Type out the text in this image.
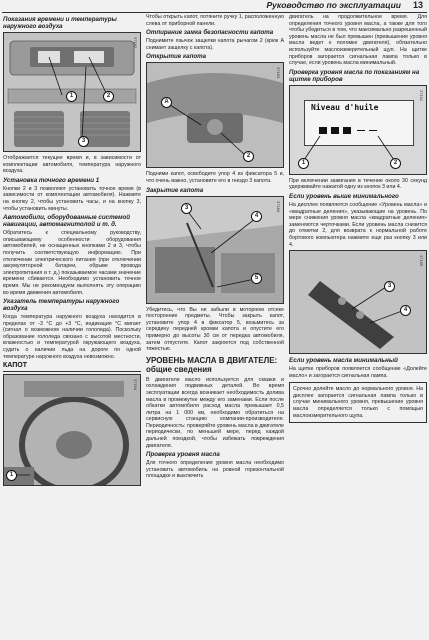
Руководство по эксплуатации 13
Показания времени и температуры наружного воздуха
1	2
3
37182
Отображается текущее время и, в зависимости от комплектации автомобиля, температура наружного воздуха.
Установка точного времени 1
Кнопки 2 и 3 позволяют установить точное время (в зависимости от комплектации автомобиля). Нажмите на кнопку 2, чтобы установить часы, и на кнопку 3, чтобы установить минуты.
Автомобили, оборудованные системой навигации, автомагнитолой и т. д.
Обратитесь к специальному руководству, описывающему особенности оборудования автомобилей, не оснащенных кнопками 2 и 3, чтобы получить соответствующую информацию. При отключении электрического питания (при отключении аккумуляторной батареи, обрыве провода электропитания и т. д.) показываемое часами значение времени сбивается. Необходимо установить точное время. Мы не рекомендуем выполнять эту операцию во время движения автомобиля.
Указатель температуры наружного воздуха
Когда температура наружного воздуха находится в пределах от -3 °C до +3 °C, индикация °C мигает (сигнал о возможном наличии гололеда). Поскольку образование гололеда связано с высотой местности, влажностью и температурой окружающего воздуха, судить о наличии льда на дороге по одной температуре наружного воздуха невозможно.
КАПОТ
1
37194
Чтобы открыть капот, потяните ручку 1, расположенную слева от приборной панели.
Отпирание замка безопасности капота
Поднимите язычок защелки капота рычагом 2 (крюк A снимает защелку с капота).
Открытие капота
A
2
37183
Подними капот, освободите упор 4 из фиксатора 5 и, что очень важно, установите его в гнездо 3 капота.
Закрытие капота
3
4
5
37184
Убедитесь, что Вы не забыли в моторном отсеке посторонние предметы. Чтобы закрыть капот, установите упор 4 в фиксатор 5, возьмитесь за середину передней кромки капота и опустите его примерно до высоты 30 см от передка автомобиля, затем отпустите. Капот закроется под собственной тяжестью.
УРОВЕНЬ МАСЛА В ДВИГАТЕЛЕ: общие сведения
В двигателе масло используется для смазки и охлаждения подвижных деталей. Во время эксплуатации всегда возникает необходимость долива масла в промежутке между его заменами. Если после обкатки автомобиля расход масла превышает 0,5 литра на 1 000 км, необходимо обратиться на сервисную станцию компании-производителя. Периодичность: проверяйте уровень масла в двигателе периодически, по меньшей мере, перед каждой дальней поездкой, чтобы избежать повреждения двигателя.
Проверка уровня масла
Для точного определения уровня масла необходимо установить автомобиль на ровной горизонтальной площадке и выключить
двигатель на продолжительное время. Для определения точного уровня масла, а также для того чтобы убедиться в том, что максимально разрешенный уровень масла не был превышен (превышение уровня масла ведет к поломке двигателя), обязательно используйте маслоизмерительный щуп. На щитке приборов загорается сигнальная лампа только в случае, если уровень масла минимальный.
Проверка уровня масла по показаниям на щитке приборов
Niveau d'huile
1	2
37191
При включении зажигания в течение около 30 секунд удерживайте нажатой одну из кнопок 3 или 4.
Если уровень выше минимального
На дисплее появляется сообщение «Уровень масла» и «квадратные деления», указывающие на уровень. По мере снижения уровня масла «квадратные деления» заменяются черточками. Если уровень масла снизится до отметки 2, для возврата к нормальной работе бортового компьютера нажмите еще раз кнопку 3 или 4.
3
4
37195
Если уровень масла минимальный
На щитке приборов появляется сообщение «Долейте масло» и загорается сигнальная лампа.
Срочно долейте масло до нормального уровня. На дисплее загорается сигнальная лампа только в случае минимального уровня, превышение уровня масла определяется только с помощью маслоизмерительного щупа.
